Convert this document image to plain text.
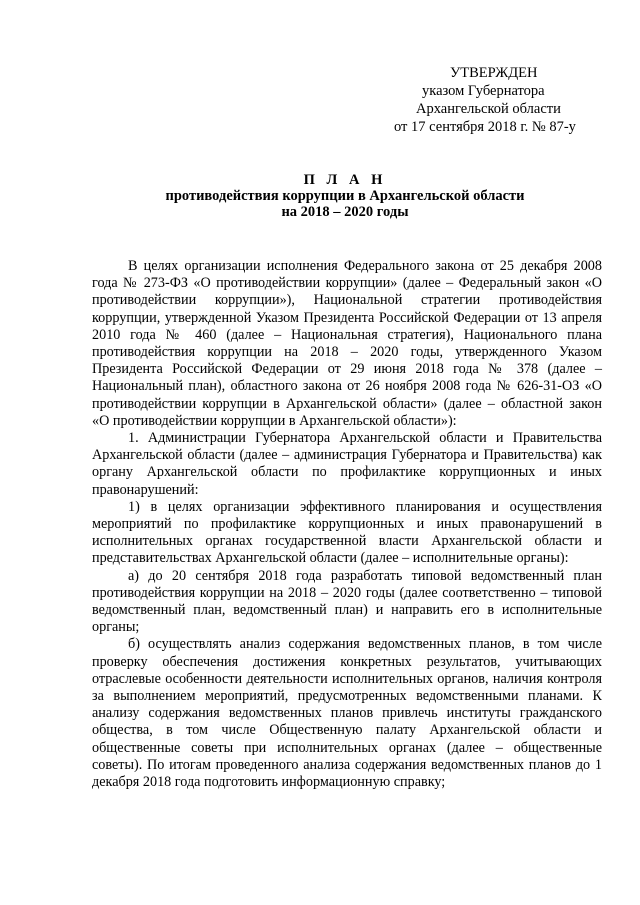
УТВЕРЖДЕН
указом Губернатора
Архангельской области
от 17 сентября 2018 г. № 87-у
П Л А Н
противодействия коррупции в Архангельской области
на 2018 – 2020 годы

В целях организации исполнения Федерального закона от 25 декабря 2008 года № 273-ФЗ «О противодействии коррупции» (далее – Федеральный закон «О противодействии коррупции»), Национальной стратегии противодействия коррупции, утвержденной Указом Президента Российской Федерации от 13 апреля 2010 года № 460 (далее – Национальная стратегия), Национального плана противодействия коррупции на 2018 – 2020 годы, утвержденного Указом Президента Российской Федерации от 29 июня 2018 года № 378 (далее – Национальный план), областного закона от 26 ноября 2008 года № 626-31-ОЗ «О противодействии коррупции в Архангельской области» (далее – областной закон «О противодействии коррупции в Архангельской области»):

1. Администрации Губернатора Архангельской области и Правительства Архангельской области (далее – администрация Губернатора и Правительства) как органу Архангельской области по профилактике коррупционных и иных правонарушений:

1) в целях организации эффективного планирования и осуществления мероприятий по профилактике коррупционных и иных правонарушений в исполнительных органах государственной власти Архангельской области и представительствах Архангельской области (далее – исполнительные органы):

а) до 20 сентября 2018 года разработать типовой ведомственный план противодействия коррупции на 2018 – 2020 годы (далее соответственно – типовой ведомственный план, ведомственный план) и направить его в исполнительные органы;

б) осуществлять анализ содержания ведомственных планов, в том числе проверку обеспечения достижения конкретных результатов, учитывающих отраслевые особенности деятельности исполнительных органов, наличия контроля за выполнением мероприятий, предусмотренных ведомственными планами. К анализу содержания ведомственных планов привлечь институты гражданского общества, в том числе Общественную палату Архангельской области и общественные советы при исполнительных органах (далее – общественные советы). По итогам проведенного анализа содержания ведомственных планов до 1 декабря 2018 года подготовить информационную справку;
